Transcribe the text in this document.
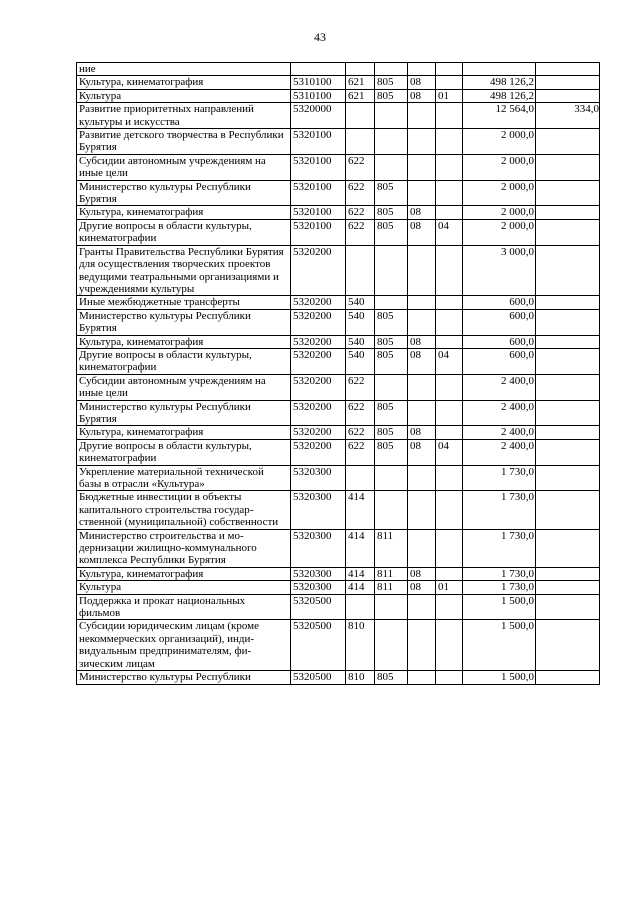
43
ние							
Культура, кинематография	5310100	621	805	08		498 126,2	
Культура	5310100	621	805	08	01	498 126,2	
Развитие приоритетных направлений культуры и искусства	5320000					12 564,0	334,0
Развитие детского творчества в Республики Бурятия	5320100					2 000,0	
Субсидии автономным учреждениям на иные цели	5320100	622				2 000,0	
Министерство культуры Республики Бурятия	5320100	622	805			2 000,0	
Культура, кинематография	5320100	622	805	08		2 000,0	
Другие вопросы в области культуры, кинематографии	5320100	622	805	08	04	2 000,0	
Гранты Правительства Республики Бурятия для осуществления творческих проектов ведущими театральными организациями и учреждениями культуры	5320200					3 000,0	
Иные межбюджетные трансферты	5320200	540				600,0	
Министерство культуры Республики Бурятия	5320200	540	805			600,0	
Культура, кинематография	5320200	540	805	08		600,0	
Другие вопросы в области культуры, кинематографии	5320200	540	805	08	04	600,0	
Субсидии автономным учреждениям на иные цели	5320200	622				2 400,0	
Министерство культуры Республики Бурятия	5320200	622	805			2 400,0	
Культура, кинематография	5320200	622	805	08		2 400,0	
Другие вопросы в области культуры, кинематографии	5320200	622	805	08	04	2 400,0	
Укрепление материальной технической базы в отрасли «Культура»	5320300					1 730,0	
Бюджетные инвестиции в объекты капитального строительства государственной (муниципальной) собственности	5320300	414				1 730,0	
Министерство строительства и модернизации жилищно-коммунального комплекса Республики Бурятия	5320300	414	811			1 730,0	
Культура, кинематография	5320300	414	811	08		1 730,0	
Культура	5320300	414	811	08	01	1 730,0	
Поддержка и прокат национальных фильмов	5320500					1 500,0	
Субсидии юридическим лицам (кроме некоммерческих организаций), индивидуальным предпринимателям, физическим лицам	5320500	810				1 500,0	
Министерство культуры Республики	5320500	810	805			1 500,0	
